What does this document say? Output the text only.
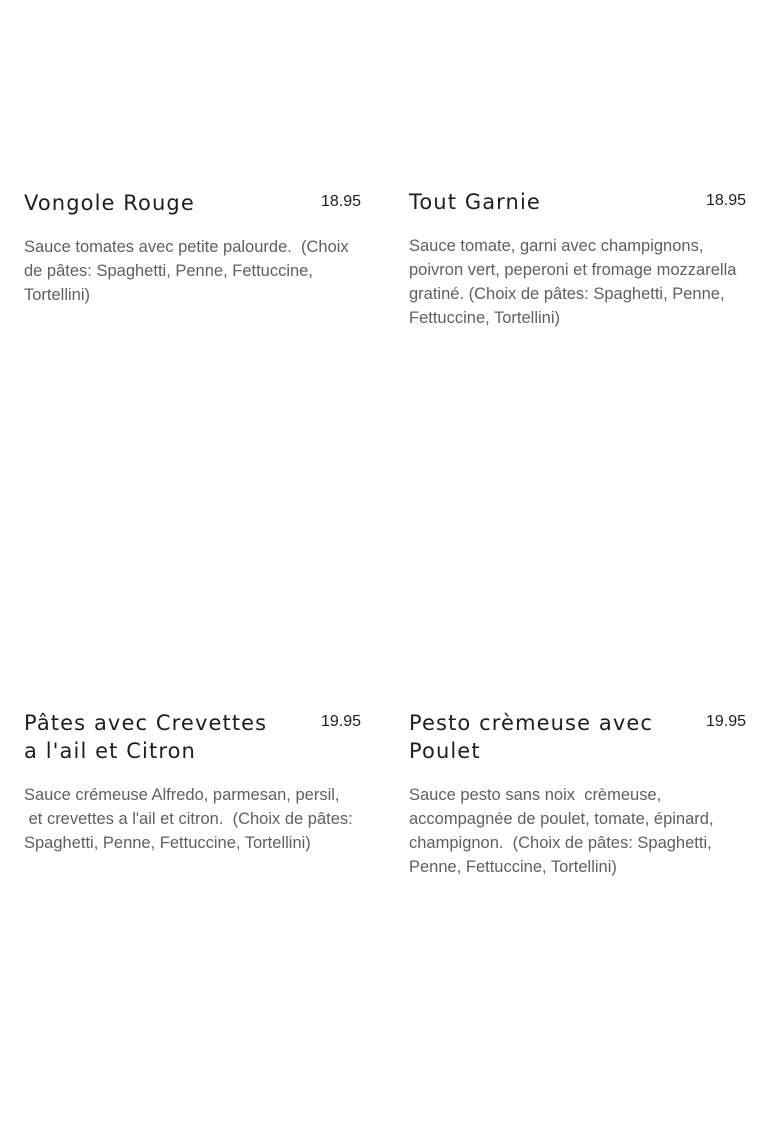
Vongole Rouge	18.95
Sauce tomates avec petite palourde.  (Choix de pâtes: Spaghetti, Penne, Fettuccine, Tortellini)
Tout Garnie	18.95
Sauce tomate, garni avec champignons, poivron vert, peperoni et fromage mozzarella gratiné. (Choix de pâtes: Spaghetti, Penne, Fettuccine, Tortellini)
Pâtes avec Crevettes a l'ail et Citron
19.95
Sauce crémeuse Alfredo, parmesan, persil,
et crevettes a l'ail et citron.  (Choix de pâtes: Spaghetti, Penne, Fettuccine, Tortellini)
Pesto crèmeuse avec Poulet
19.95
Sauce pesto sans noix  crèmeuse, accompagnée de poulet, tomate, épinard, champignon.  (Choix de pâtes: Spaghetti, Penne, Fettuccine, Tortellini)
